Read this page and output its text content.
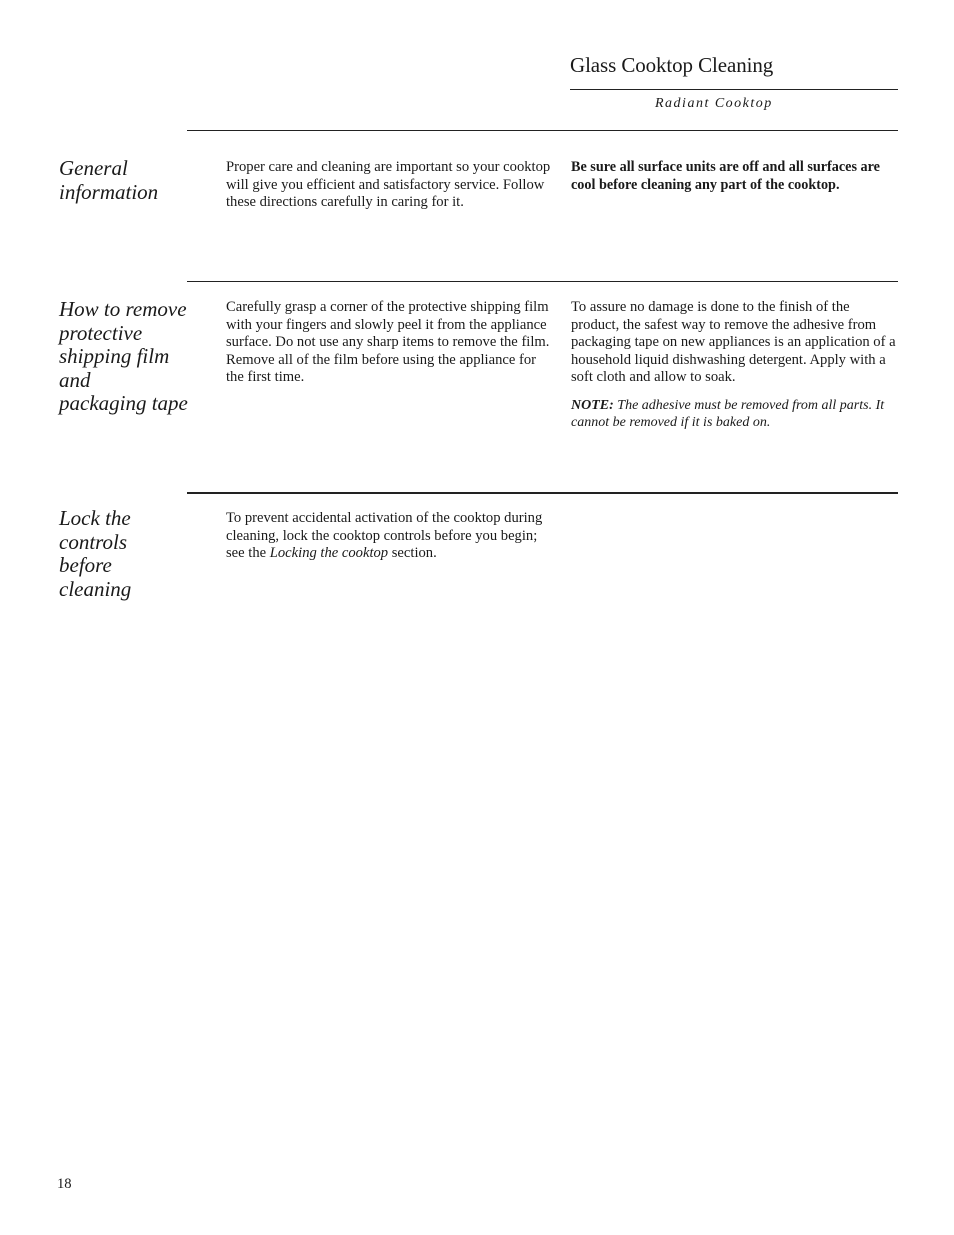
Glass Cooktop Cleaning
Radiant Cooktop
General
information
Proper care and cleaning are important so your cooktop will give you efficient and satisfactory service. Follow these directions carefully in caring for it.
Be sure all surface units are off and all surfaces are cool before cleaning any part of the cooktop.
How to remove
protective
shipping film
and
packaging tape
Carefully grasp a corner of the protective shipping film with your fingers and slowly peel it from the appliance surface. Do not use any sharp items to remove the film. Remove all of the film before using the appliance for the first time.
To assure no damage is done to the finish of the product, the safest way to remove the adhesive from packaging tape on new appliances is an application of a household liquid dishwashing detergent. Apply with a soft cloth and allow to soak.
NOTE: The adhesive must be removed from all parts. It cannot be removed if it is baked on.
Lock the
controls
before
cleaning
To prevent accidental activation of the cooktop during cleaning, lock the cooktop controls before you begin; see the Locking the cooktop section.
18
